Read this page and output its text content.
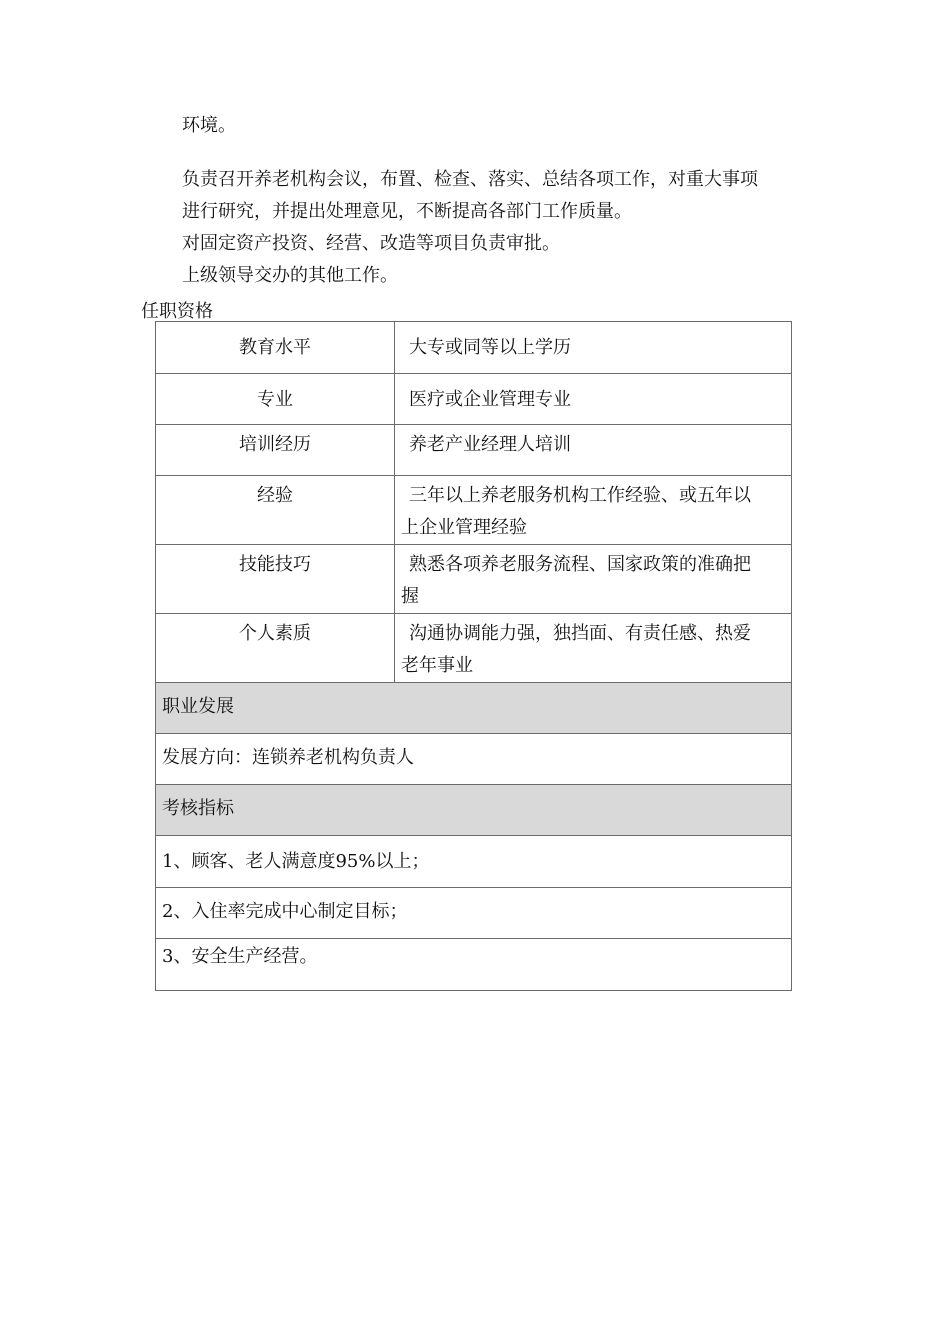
环境。
负责召开养老机构会议，布置、检查、落实、总结各项工作，对重大事项
进行研究，并提出处理意见，不断提高各部门工作质量。
对固定资产投资、经营、改造等项目负责审批。
上级领导交办的其他工作。
任职资格
教育水平	大专或同等以上学历
专业	医疗或企业管理专业
培训经历	养老产业经理人培训
经验	三年以上养老服务机构工作经验、或五年以
上企业管理经验
技能技巧	熟悉各项养老服务流程、国家政策的准确把
握
个人素质	沟通协调能力强，独挡面、有责任感、热爱
老年事业
职业发展	
发展方向：连锁养老机构负责人	
考核指标	
1、顾客、老人满意度95%以上；	
2、入住率完成中心制定目标；	
3、安全生产经营。	
